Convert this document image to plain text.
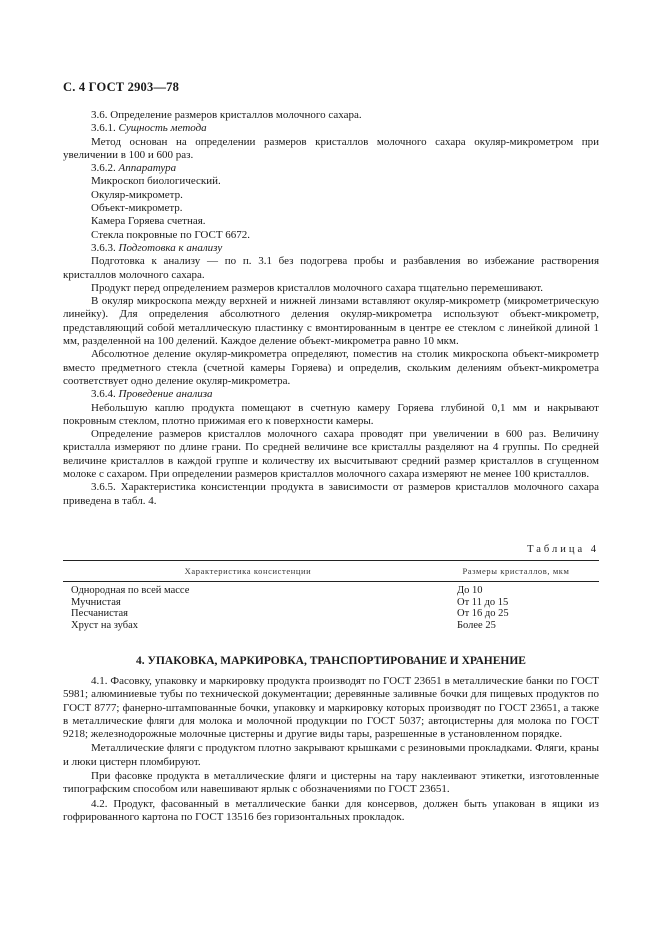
С. 4 ГОСТ 2903—78

3.6. Определение размеров кристаллов молочного сахара.

3.6.1. Сущность метода

Метод основан на определении размеров кристаллов молочного сахара окуляр-микрометром при увеличении в 100 и 600 раз.

3.6.2. Аппаратура

Микроскоп биологический.

Окуляр-микрометр.

Объект-микрометр.

Камера Горяева счетная.

Стекла покровные по ГОСТ 6672.

3.6.3. Подготовка к анализу

Подготовка к анализу — по п. 3.1 без подогрева пробы и разбавления во избежание растворения кристаллов молочного сахара.

Продукт перед определением размеров кристаллов молочного сахара тщательно перемешивают.

В окуляр микроскопа между верхней и нижней линзами вставляют окуляр-микрометр (микрометрическую линейку). Для определения абсолютного деления окуляр-микрометра используют объект-микрометр, представляющий собой металлическую пластинку с вмонтированным в центре ее стеклом с линейкой длиной 1 мм, разделенной на 100 делений. Каждое деление объект-микрометра равно 10 мкм.

Абсолютное деление окуляр-микрометра определяют, поместив на столик микроскопа объект-микрометр вместо предметного стекла (счетной камеры Горяева) и определив, скольким делениям объект-микрометра соответствует одно деление окуляр-микрометра.

3.6.4. Проведение анализа

Небольшую каплю продукта помещают в счетную камеру Горяева глубиной 0,1 мм и накрывают покровным стеклом, плотно прижимая его к поверхности камеры.

Определение размеров кристаллов молочного сахара проводят при увеличении в 600 раз. Величину кристалла измеряют по длине грани. По средней величине все кристаллы разделяют на 4 группы. По средней величине кристаллов в каждой группе и количеству их высчитывают средний размер кристаллов в сгущенном молоке с сахаром. При определении размеров кристаллов молочного сахара измеряют не менее 100 кристаллов.

3.6.5. Характеристика консистенции продукта в зависимости от размеров кристаллов молочного сахара приведена в табл. 4.

Таблица 4
Характеристика консистенции	Размеры кристаллов, мкм
Однородная по всей массе	До 10
Мучнистая	От 11 до 15
Песчанистая	От 16 до 25
Хруст на зубах	Более 25
4. УПАКОВКА, МАРКИРОВКА, ТРАНСПОРТИРОВАНИЕ И ХРАНЕНИЕ

4.1. Фасовку, упаковку и маркировку продукта производят по ГОСТ 23651 в металлические банки по ГОСТ 5981; алюминиевые тубы по технической документации; деревянные заливные бочки для пищевых продуктов по ГОСТ 8777; фанерно-штампованные бочки, упаковку и маркировку которых производят по ГОСТ 23651, а также в металлические фляги для молока и молочной продукции по ГОСТ 5037; автоцистерны для молока по ГОСТ 9218; железнодорожные молочные цистерны и другие виды тары, разрешенные в установленном порядке.

Металлические фляги с продуктом плотно закрывают крышками с резиновыми прокладками. Фляги, краны и люки цистерн пломбируют.

При фасовке продукта в металлические фляги и цистерны на тару наклеивают этикетки, изготовленные типографским способом или навешивают ярлык с обозначениями по ГОСТ 23651.

4.2. Продукт, фасованный в металлические банки для консервов, должен быть упакован в ящики из гофрированного картона по ГОСТ 13516 без горизонтальных прокладок.
